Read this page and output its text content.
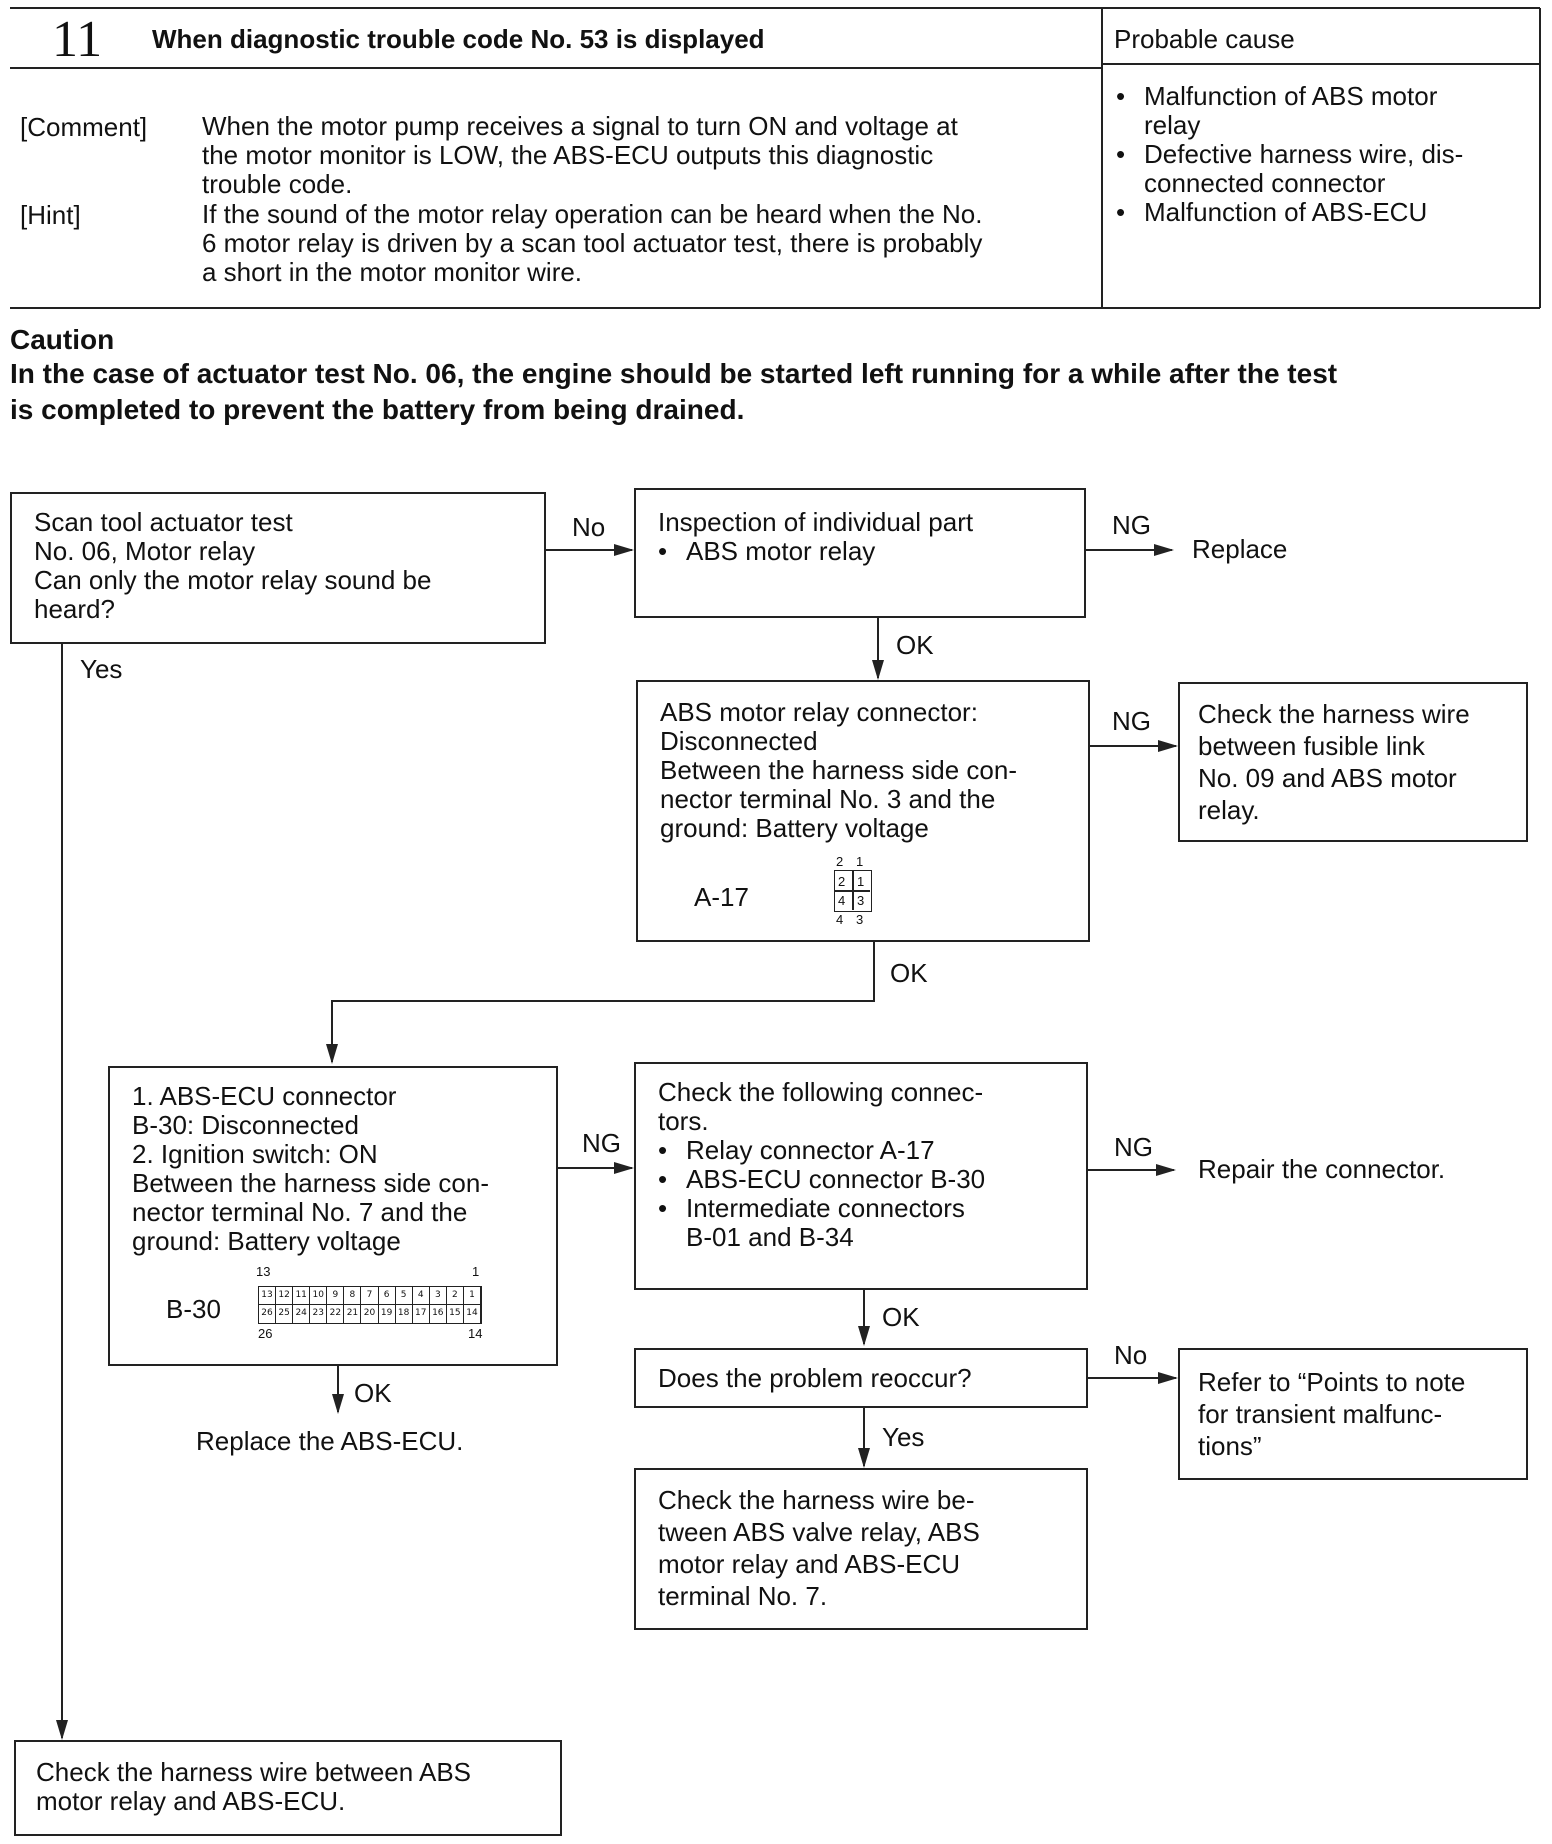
11 When diagnostic trouble code No. 53 is displayed	Probable cause
[Comment] When the motor pump receives a signal to turn ON and voltage at
the motor monitor is LOW, the ABS-ECU outputs this diagnostic
trouble code.
[Hint]	If the sound of the motor relay operation can be heard when the No.
6 motor relay is driven by a scan tool actuator test, there is probably
a short in the motor monitor wire.
• Malfunction of ABS motor
relay
• Defective harness wire, dis-
connected connector
• Malfunction of ABS-ECU
Caution
In the case of actuator test No. 06, the engine should be started left running for a while after the test
is completed to prevent the battery from being drained.
Scan tool actuator test
No. 06, Motor relay
Can only the motor relay sound be
heard?
Inspection of individual part
• ABS motor relay	Replace
ABS motor relay connector:
Disconnected
Between the harness side con-
nector terminal No. 3 and the
ground: Battery voltage
A-17
2 1
2 1
4 3
4 3
Check the harness wire
between fusible link
No. 09 and ABS motor
relay.
1. ABS-ECU connector
B-30: Disconnected
2. Ignition switch: ON
Between the harness side con-
nector terminal No. 7 and the
ground: Battery voltage
B-30
13	1
13 12 11 10 9	8	7	6	5	4	3	2	1
26 25 24 23 22 21 20 19 18 17 16 15 14
26	14
Check the following connec-
tors.
• Relay connector A-17
• ABS-ECU connector B-30
• Intermediate connectors
B-01 and B-34
Repair the connector.
Replace the ABS-ECU.
Does the problem reoccur?	Refer to “Points to note
for transient malfunc-
tions”
Check the harness wire be-
tween ABS valve relay, ABS
motor relay and ABS-ECU
terminal No. 7.
Check the harness wire between ABS
motor relay and ABS-ECU.
No
Yes
NG
OK
NG
OK
NG	NG
OK
OK
No
Yes
